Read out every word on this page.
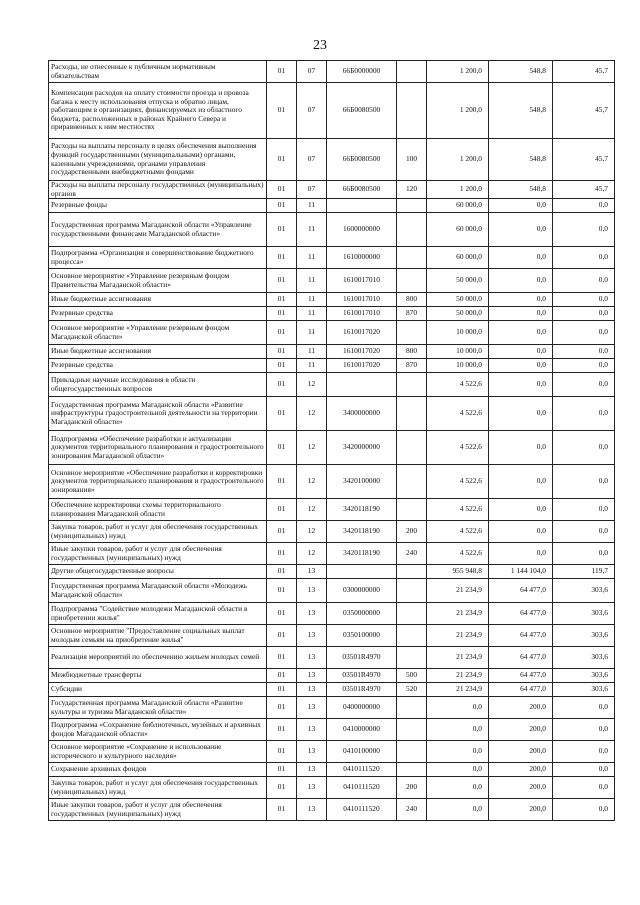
23
Расходы, не отнесенные к публичным нормативным обязательствам	01	07	66Б0000000		1 200,0	548,8	45,7
Компенсация расходов на оплату стоимости проезда и провоза багажа к месту использования отпуска и обратно лицам, работающим в организациях, финансируемых из областного бюджета, расположенных в районах Крайнего Севера и приравненных к ним местностях	01	07	66Б0080500		1 200,0	548,8	45,7
Расходы на выплаты персоналу в целях обеспечения выполнения функций государственными (муниципальными) органами, казенными учреждениями, органами управления государственными внебюджетными фондами	01	07	66Б0080500	100	1 200,0	548,8	45,7
Расходы на выплаты персоналу государственных (муниципальных) органов	01	07	66Б0080500	120	1 200,0	548,8	45,7
Резервные фонды	01	11			60 000,0	0,0	0,0
Государственная программа Магаданской области «Управление государственными финансами Магаданской области»	01	11	1600000000		60 000,0	0,0	0,0
Подпрограмма «Организация и совершенствование бюджетного процесса»	01	11	1610000000		60 000,0	0,0	0,0
Основное мероприятие «Управление резервным фондом Правительства Магаданской области»	01	11	1610017010		50 000,0	0,0	0,0
Иные бюджетные ассигнования	01	11	1610017010	800	50 000,0	0,0	0,0
Резервные средства	01	11	1610017010	870	50 000,0	0,0	0,0
Основное мероприятие «Управление резервным фондом Магаданской области»	01	11	1610017020		10 000,0	0,0	0,0
Иные бюджетные ассигнования	01	11	1610017020	800	10 000,0	0,0	0,0
Резервные средства	01	11	1610017020	870	10 000,0	0,0	0,0
Прикладные научные исследования в области общегосударственных вопросов	01	12			4 522,6	0,0	0,0
Государственная программа Магаданской области «Развитие инфраструктуры градостроительной деятельности на территории Магаданской области»	01	12	3400000000		4 522,6	0,0	0,0
Подпрограмма «Обеспечение разработки и актуализации документов территориального планирования и градостроительного зонирования Магаданской области»	01	12	3420000000		4 522,6	0,0	0,0
Основное мероприятие «Обеспечение разработки и корректировки документов территориального планирования и градостроительного зонирования»	01	12	3420100000		4 522,6	0,0	0,0
Обеспечение корректировки схемы территориального планирования Магаданской области	01	12	3420118190		4 522,6	0,0	0,0
Закупка товаров, работ и услуг для обеспечения государственных (муниципальных) нужд	01	12	3420118190	200	4 522,6	0,0	0,0
Иные закупки товаров, работ и услуг для обеспечения государственных (муниципальных) нужд	01	12	3420118190	240	4 522,6	0,0	0,0
Другие общегосударственные вопросы	01	13			955 948,8	1 144 104,0	119,7
Государственная программа Магаданской области «Молодежь Магаданской области»	01	13	0300000000		21 234,9	64 477,0	303,6
Подпрограмма "Содействие молодежи Магаданской области в приобретении жилья"	01	13	0350000000		21 234,9	64 477,0	303,6
Основное мероприятие "Предоставление социальных выплат молодым семьям на приобретение жилья"	01	13	0350100000		21 234,9	64 477,0	303,6
Реализация мероприятий по обеспечению жильем молодых семей	01	13	03501R4970		21 234,9	64 477,0	303,6
Межбюджетные трансферты	01	13	03501R4970	500	21 234,9	64 477,0	303,6
Субсидии	01	13	03501R4970	520	21 234,9	64 477,0	303,6
Государственная программа Магаданской области «Развитие культуры и туризма Магаданской области»	01	13	0400000000		0,0	200,0	0,0
Подпрограмма «Сохранение библиотечных, музейных и архивных фондов Магаданской области»	01	13	0410000000		0,0	200,0	0,0
Основное мероприятие «Сохранение и использование исторического и культурного наследия»	01	13	0410100000		0,0	200,0	0,0
Сохранение архивных фондов	01	13	0410111520		0,0	200,0	0,0
Закупка товаров, работ и услуг для обеспечения государственных (муниципальных) нужд	01	13	0410111520	200	0,0	200,0	0,0
Иные закупки товаров, работ и услуг для обеспечения государственных (муниципальных) нужд	01	13	0410111520	240	0,0	200,0	0,0
